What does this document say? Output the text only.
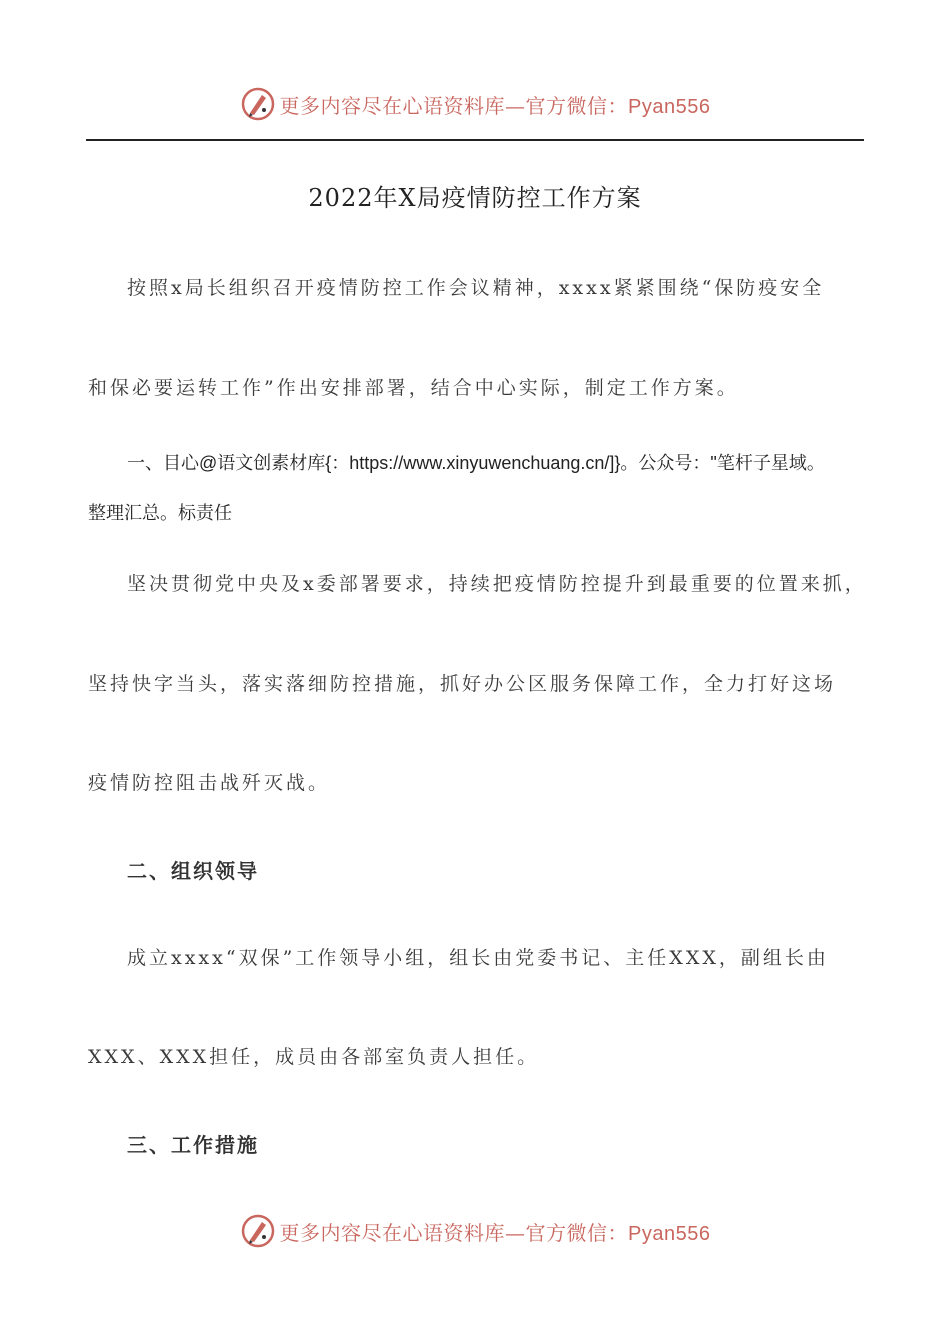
更多内容尽在心语资料库—官方微信：Pyan556
2022年X局疫情防控工作方案
按照x局长组织召开疫情防控工作会议精神，xxxx紧紧围绕“保防疫安全
和保必要运转工作”作出安排部署，结合中心实际，制定工作方案。
一、目心@语文创素材库{：https://www.xinyuwenchuang.cn/]}。公众号："笔杆子星域。
整理汇总。标责任
坚决贯彻党中央及x委部署要求，持续把疫情防控提升到最重要的位置来抓，
坚持快字当头，落实落细防控措施，抓好办公区服务保障工作，全力打好这场
疫情防控阻击战歼灭战。
二、组织领导
成立xxxx“双保”工作领导小组，组长由党委书记、主任XXX，副组长由
XXX、XXX担任，成员由各部室负责人担任。
三、工作措施
更多内容尽在心语资料库—官方微信：Pyan556
